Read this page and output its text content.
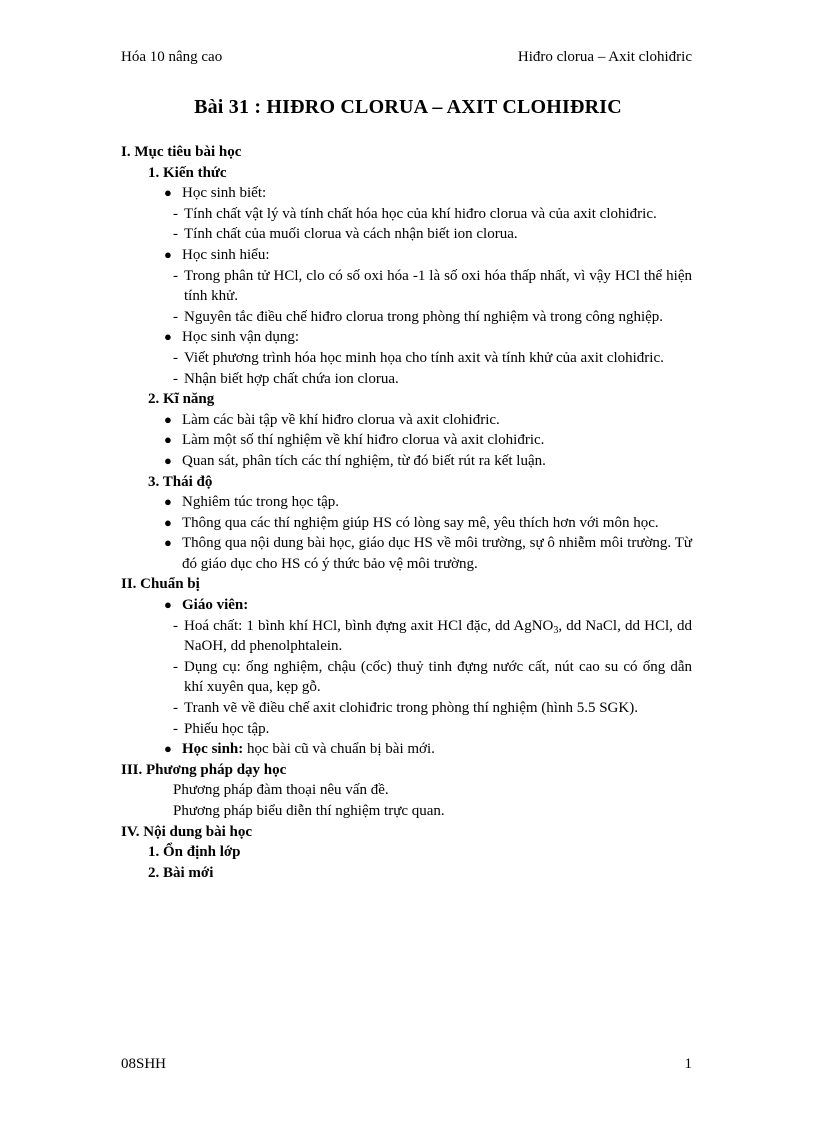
Hóa 10 nâng cao	Hiđro clorua – Axit clohiđric
Bài 31 : HIĐRO CLORUA – AXIT CLOHIĐRIC
I. Mục tiêu bài học
1. Kiến thức
● Học sinh biết:
- Tính chất vật lý và tính chất hóa học của khí hiđro clorua và của axit clohiđric.
- Tính chất của muối clorua và cách nhận biết ion clorua.
● Học sinh hiểu:
- Trong phân tử HCl, clo có số oxi hóa -1 là số oxi hóa thấp nhất, vì vậy HCl thể hiện tính khử.
- Nguyên tắc điều chế hiđro clorua trong phòng thí nghiệm và trong công nghiệp.
● Học sinh vận dụng:
- Viết phương trình hóa học minh họa cho tính axit và tính khử của axit clohiđric.
- Nhận biết hợp chất chứa ion clorua.
2. Kĩ năng
● Làm các bài tập về khí hiđro clorua và axit clohiđric.
● Làm một số thí nghiệm về khí hiđro clorua và axit clohiđric.
● Quan sát, phân tích các thí nghiệm, từ đó biết rút ra kết luận.
3. Thái độ
● Nghiêm túc trong học tập.
● Thông qua các thí nghiệm giúp HS có lòng say mê, yêu thích hơn với môn học.
● Thông qua nội dung bài học, giáo dục HS về môi trường, sự ô nhiễm môi trường. Từ đó giáo dục cho HS có ý thức bảo vệ môi trường.
II. Chuẩn bị
● Giáo viên:
- Hoá chất: 1 bình khí HCl, bình đựng axit HCl đặc, dd AgNO$_3$, dd NaCl, dd HCl, dd NaOH, dd phenolphtalein.
- Dụng cụ: ống nghiệm, chậu (cốc) thuỷ tinh đựng nước cất, nút cao su có ống dẫn khí xuyên qua, kẹp gỗ.
- Tranh vẽ về điều chế axit clohiđric trong phòng thí nghiệm (hình 5.5 SGK).
- Phiếu học tập.
● Học sinh: học bài cũ và chuẩn bị bài mới.
III. Phương pháp dạy học
Phương pháp đàm thoại nêu vấn đề.
Phương pháp biểu diễn thí nghiệm trực quan.
IV. Nội dung bài học
1. Ổn định lớp
2. Bài mới
08SHH	1
